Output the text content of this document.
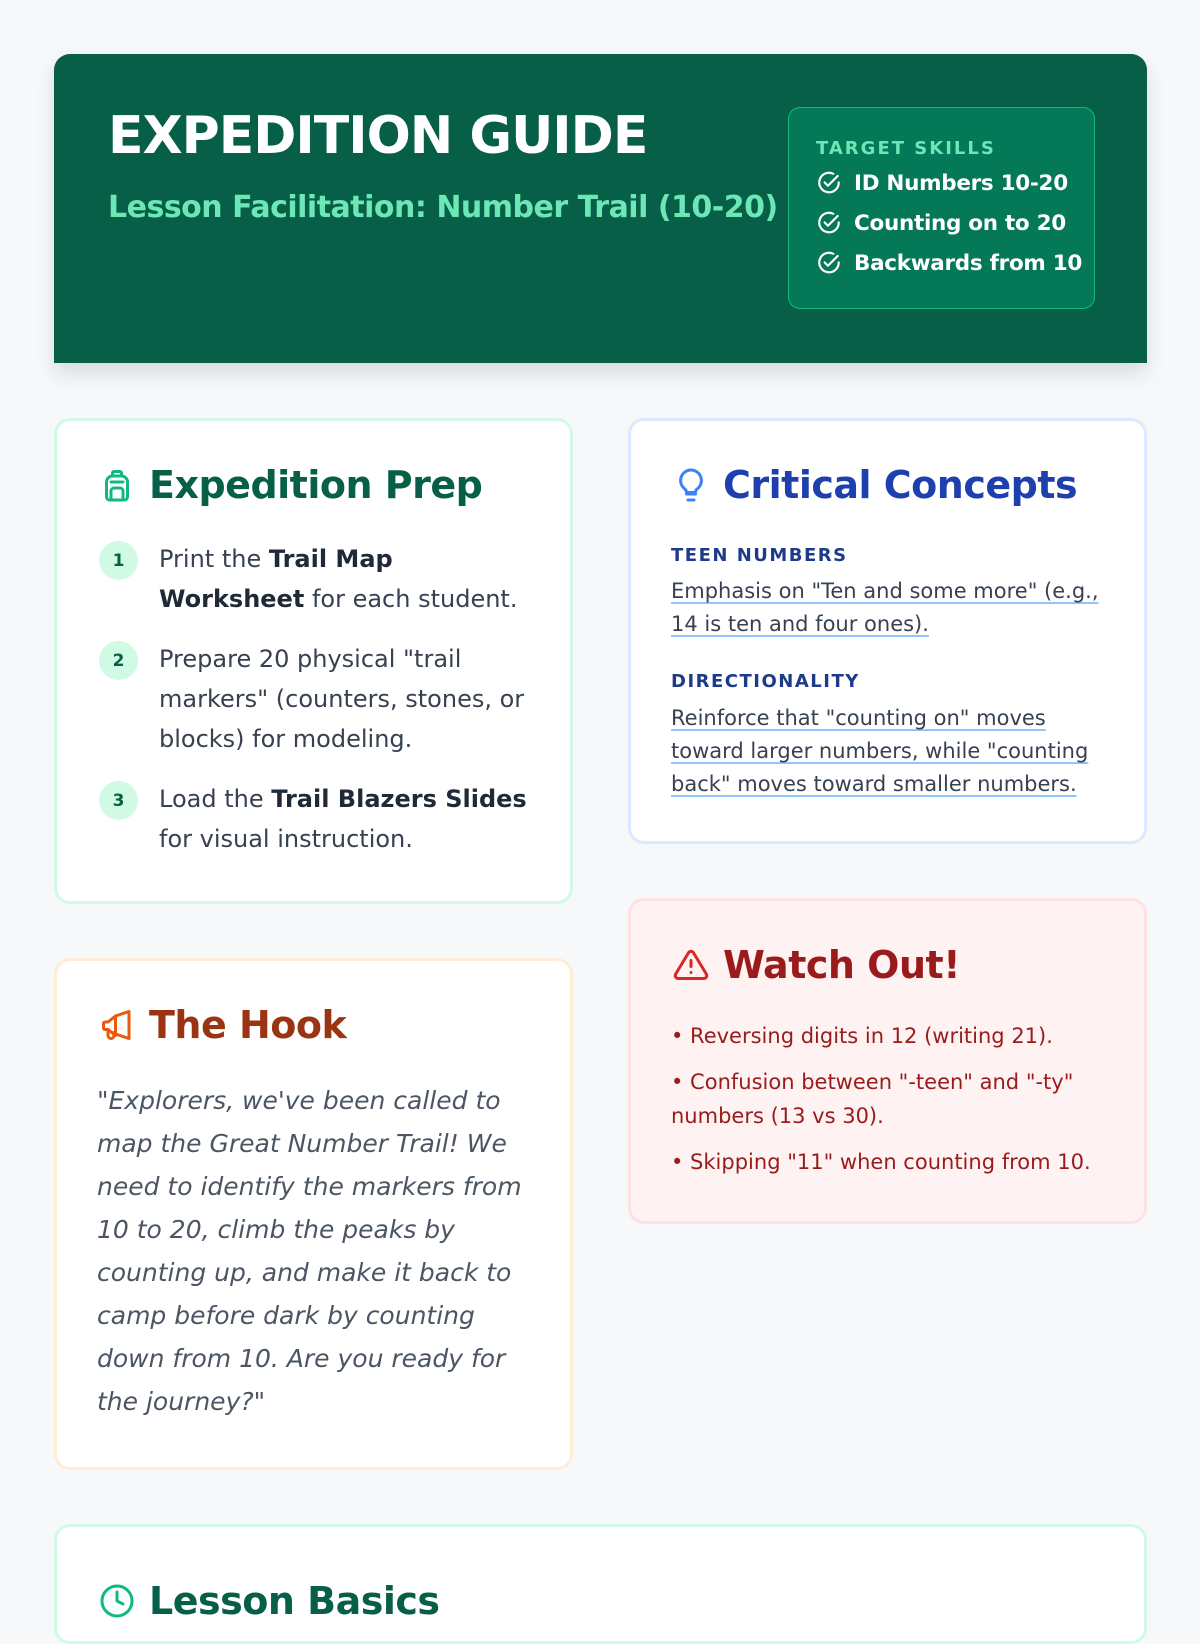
EXPEDITION GUIDE
Lesson Facilitation: Number Trail (10-20)
TARGET SKILLS
ID Numbers 10-20
Counting on to 20
Backwards from 10
Expedition Prep
1	Print the Trail Map Worksheet for each student.
2	Prepare 20 physical "trail markers" (counters, stones, or blocks) for modeling.
3	Load the Trail Blazers Slides for visual instruction.
Critical Concepts
TEEN NUMBERS
Emphasis on "Ten and some more" (e.g., 14 is ten and four ones).
DIRECTIONALITY
Reinforce that "counting on" moves toward larger numbers, while "counting back" moves toward smaller numbers.
Watch Out!
• Reversing digits in 12 (writing 21).
• Confusion between "-teen" and "-ty" numbers (13 vs 30).
• Skipping "11" when counting from 10.
The Hook
"Explorers, we've been called to map the Great Number Trail! We need to identify the markers from 10 to 20, climb the peaks by counting up, and make it back to camp before dark by counting down from 10. Are you ready for the journey?"
Lesson Basics
